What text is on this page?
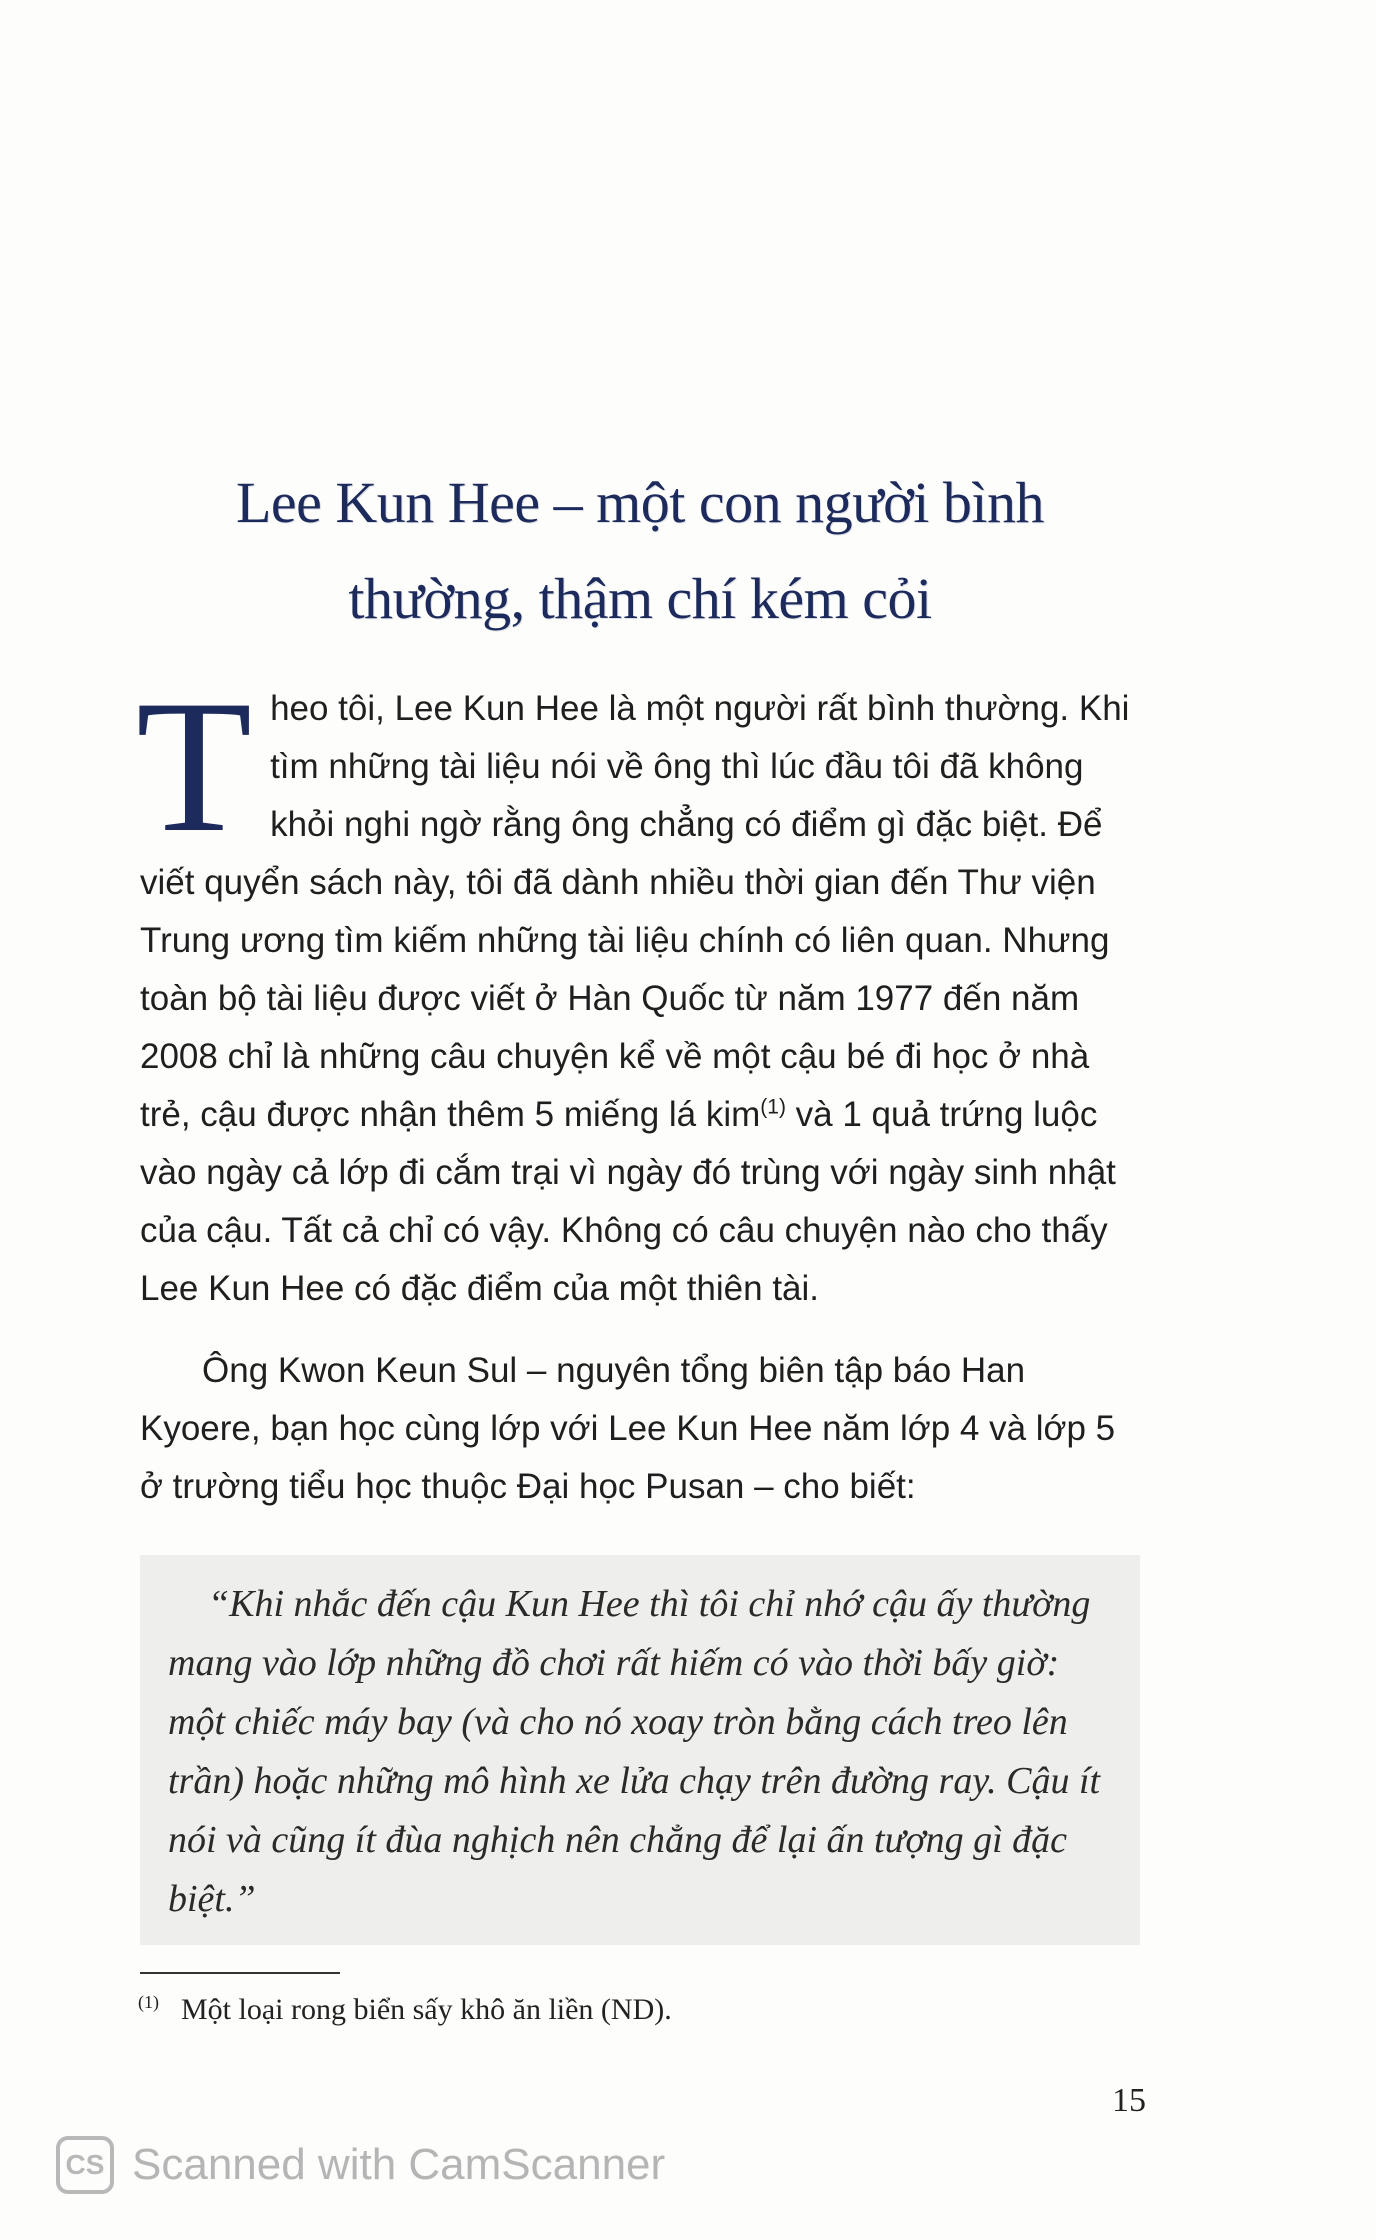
Lee Kun Hee – một con người bình
thường, thậm chí kém cỏi
Theo tôi, Lee Kun Hee là một người rất bình thường. Khi tìm những tài liệu nói về ông thì lúc đầu tôi đã không khỏi nghi ngờ rằng ông chẳng có điểm gì đặc biệt. Để viết quyển sách này, tôi đã dành nhiều thời gian đến Thư viện Trung ương tìm kiếm những tài liệu chính có liên quan. Nhưng toàn bộ tài liệu được viết ở Hàn Quốc từ năm 1977 đến năm 2008 chỉ là những câu chuyện kể về một cậu bé đi học ở nhà trẻ, cậu được nhận thêm 5 miếng lá kim$^{(1)}$ và 1 quả trứng luộc vào ngày cả lớp đi cắm trại vì ngày đó trùng với ngày sinh nhật của cậu. Tất cả chỉ có vậy. Không có câu chuyện nào cho thấy Lee Kun Hee có đặc điểm của một thiên tài.
Ông Kwon Keun Sul – nguyên tổng biên tập báo Han Kyoere, bạn học cùng lớp với Lee Kun Hee năm lớp 4 và lớp 5 ở trường tiểu học thuộc Đại học Pusan – cho biết:
“Khi nhắc đến cậu Kun Hee thì tôi chỉ nhớ cậu ấy thường mang vào lớp những đồ chơi rất hiếm có vào thời bấy giờ: một chiếc máy bay (và cho nó xoay tròn bằng cách treo lên trần) hoặc những mô hình xe lửa chạy trên đường ray. Cậu ít nói và cũng ít đùa nghịch nên chẳng để lại ấn tượng gì đặc biệt.”
$^{(1)}$ Một loại rong biển sấy khô ăn liền (ND).
15
CS Scanned with CamScanner
